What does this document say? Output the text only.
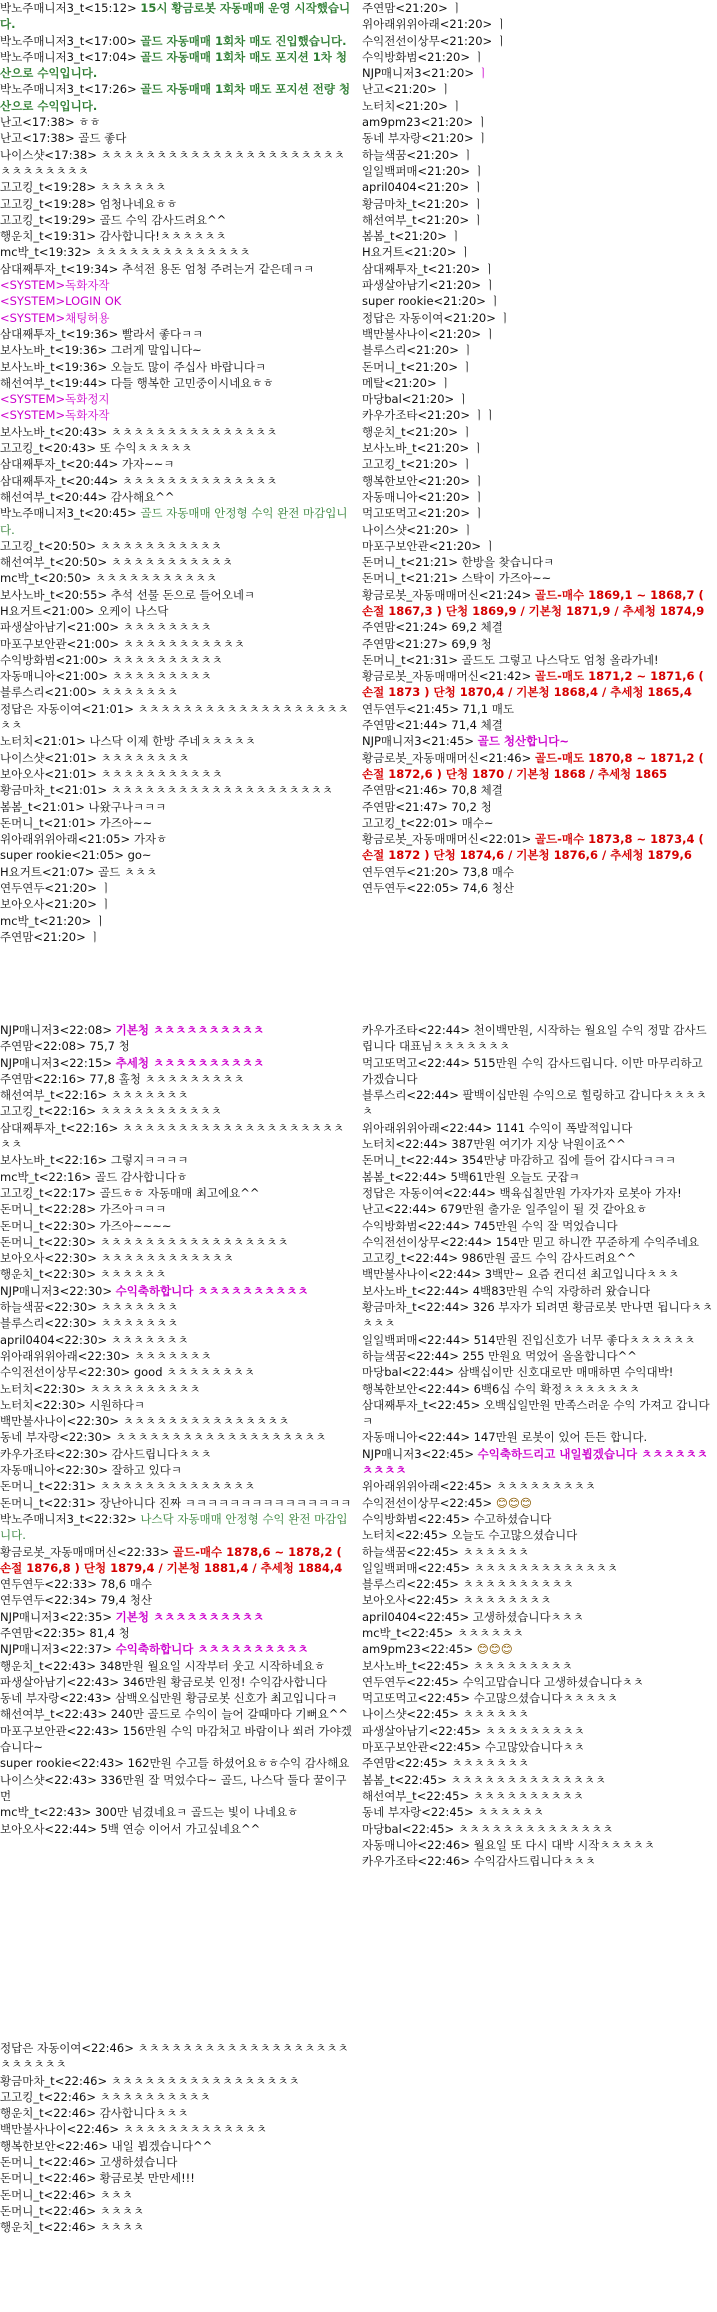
박노주매니저3_t<15:12> 15시 황금로봇 자동매매 운영 시작했습니다.
박노주매니저3_t<17:00> 골드 자동매매 1회차 매도 진입했습니다.
박노주매니저3_t<17:04> 골드 자동매매 1회차 매도 포지션 1차 청산으로 수익입니다.
박노주매니저3_t<17:26> 골드 자동매매 1회차 매도 포지션 전량 청산으로 수익입니다.
난고<17:38> ㅎㅎ
난고<17:38> 골드 좋다
나이스샷<17:38> ㅊㅊㅊㅊㅊㅊㅊㅊㅊㅊㅊㅊㅊㅊㅊㅊㅊㅊㅊㅊㅊㅊㅊㅊㅊㅊㅊㅊㅊㅊ
고고킹_t<19:28> ㅊㅊㅊㅊㅊㅊ
고고킹_t<19:28> 엄청나네요ㅎㅎ
고고킹_t<19:29> 골드 수익 감사드려요^^
행운치_t<19:31> 감사합니다!ㅊㅊㅊㅊㅊㅊ
mc박_t<19:32> ㅊㅊㅊㅊㅊㅊㅊㅊㅊㅊㅊㅊㅊㅊ
삼대째투자_t<19:34> 추석전 용돈 엄청 주려는거 같은데ㅋㅋ
<SYSTEM>독화자작
<SYSTEM>LOGIN OK
<SYSTEM>채팅허용
삼대째투자_t<19:36> 빨라서 좋다ㅋㅋ
보사노바_t<19:36> 그러게 말입니다~
보사노바_t<19:36> 오늘도 많이 주십사 바랍니다ㅋ
해선여부_t<19:44> 다들 행복한 고민중이시네요ㅎㅎ
<SYSTEM>독화정지
<SYSTEM>독화자작
보사노바_t<20:43> ㅊㅊㅊㅊㅊㅊㅊㅊㅊㅊㅊㅊㅊㅊㅊ
고고킹_t<20:43> 또 수익ㅊㅊㅊㅊㅊ
삼대째투자_t<20:44> 가자~~ㅋ
삼대째투자_t<20:44> ㅊㅊㅊㅊㅊㅊㅊㅊㅊㅊㅊㅊㅊㅊ
해선여부_t<20:44> 감사해요^^
박노주매니저3_t<20:45> 골드 자동매매 안정형 수익 완전 마감입니다.
고고킹_t<20:50> ㅊㅊㅊㅊㅊㅊㅊㅊㅊㅊㅊ
해선여부_t<20:50> ㅊㅊㅊㅊㅊㅊㅊㅊㅊㅊㅊ
mc박_t<20:50> ㅊㅊㅊㅊㅊㅊㅊㅊㅊㅊㅊ
보사노바_t<20:55> 추석 선물 돈으로 들어오네ㅋ
H요거트<21:00> 오케이 나스닥
파생살아남기<21:00> ㅊㅊㅊㅊㅊㅊㅊㅊ
마포구보안관<21:00> ㅊㅊㅊㅊㅊㅊㅊㅊㅊㅊㅊ
수익방화범<21:00> ㅊㅊㅊㅊㅊㅊㅊㅊㅊㅊ
자동매니아<21:00> ㅊㅊㅊㅊㅊㅊㅊㅊㅊ
블루스리<21:00> ㅊㅊㅊㅊㅊㅊㅊ
정답은 자동이여<21:01> ㅊㅊㅊㅊㅊㅊㅊㅊㅊㅊㅊㅊㅊㅊㅊㅊㅊㅊㅊㅊㅊ
노터치<21:01> 나스닥 이제 한방 주네ㅊㅊㅊㅊㅊ
나이스샷<21:01> ㅊㅊㅊㅊㅊㅊㅊㅊ
보아오사<21:01> ㅊㅊㅊㅊㅊㅊㅊㅊㅊㅊㅊ
황금마차_t<21:01> ㅊㅊㅊㅊㅊㅊㅊㅊㅊㅊㅊㅊㅊㅊㅊㅊㅊㅊㅊㅊ
봄봄_t<21:01> 나왔구나ㅋㅋㅋ
돈머니_t<21:01> 가즈아~~
위아래위위아래<21:05> 가자ㅎ
super rookie<21:05> go~
H요거트<21:07> 골드 ㅊㅊㅊ
연두연두<21:20> ㅣ
보아오사<21:20> ㅣ
mc박_t<21:20> ㅣ
주연맘<21:20> ㅣ
주연맘<21:20> ㅣ
위아래위위아래<21:20> ㅣ
수익전선이상무<21:20> ㅣ
수익방화범<21:20> ㅣ
NJP매니저3<21:20> ㅣ
난고<21:20> ㅣ
노터치<21:20> ㅣ
am9pm23<21:20> ㅣ
동네 부자랑<21:20> ㅣ
하늘색꿈<21:20> ㅣ
일일백퍼매<21:20> ㅣ
april0404<21:20> ㅣ
황금마차_t<21:20> ㅣ
해선여부_t<21:20> ㅣ
봄봄_t<21:20> ㅣ
H요거트<21:20> ㅣ
삼대째투자_t<21:20> ㅣ
파생살아남기<21:20> ㅣ
super rookie<21:20> ㅣ
정답은 자동이여<21:20> ㅣ
백만불사나이<21:20> ㅣ
블루스리<21:20> ㅣ
돈머니_t<21:20> ㅣ
메탈<21:20> ㅣ
마당bal<21:20> ㅣ
카우가조타<21:20> ㅣㅣ
행운치_t<21:20> ㅣ
보사노바_t<21:20> ㅣ
고고킹_t<21:20> ㅣ
행복한보안<21:20> ㅣ
자동매니아<21:20> ㅣ
먹고또먹고<21:20> ㅣ
나이스샷<21:20> ㅣ
마포구보안관<21:20> ㅣ
돈머니_t<21:21> 한방을 찾습니다ㅋ
돈머니_t<21:21> 스탁이 가즈아~~
황금로봇_자동매매머신<21:24> 골드-매수 1869,1 ~ 1868,7 ( 손절 1867,3 ) 단청 1869,9 / 기본청 1871,9 / 추세청 1874,9
주연맘<21:24> 69,2 체결
주연맘<21:27> 69,9 청
돈머니_t<21:31> 골드도 그렇고 나스닥도 엄청 올라가네!
황금로봇_자동매매머신<21:42> 골드-매도 1871,2 ~ 1871,6 ( 손절 1873 ) 단청 1870,4 / 기본청 1868,4 / 추세청 1865,4
연두연두<21:45> 71,1 매도
주연맘<21:44> 71,4 체결
NJP매니저3<21:45> 골드 청산합니다~
황금로봇_자동매매머신<21:46> 골드-매도 1870,8 ~ 1871,2 ( 손절 1872,6 ) 단청 1870 / 기본청 1868 / 추세청 1865
주연맘<21:46> 70,8 체결
주연맘<21:47> 70,2 청
고고킹_t<22:01> 매수~
황금로봇_자동매매머신<22:01> 골드-매수 1873,8 ~ 1873,4 ( 손절 1872 ) 단청 1874,6 / 기본청 1876,6 / 추세청 1879,6
연두연두<21:20> 73,8 매수
연두연두<22:05> 74,6 청산
NJP매니저3<22:08> 기본청 ㅊㅊㅊㅊㅊㅊㅊㅊㅊㅊ
주연맘<22:08> 75,7 청
NJP매니저3<22:15> 추세청 ㅊㅊㅊㅊㅊㅊㅊㅊㅊㅊ
주연맘<22:16> 77,8 홀청 ㅊㅊㅊㅊㅊㅊㅊㅊㅊ
해선여부_t<22:16> ㅊㅊㅊㅊㅊㅊㅊ
고고킹_t<22:16> ㅊㅊㅊㅊㅊㅊㅊㅊㅊㅊㅊ
삼대째투자_t<22:16> ㅊㅊㅊㅊㅊㅊㅊㅊㅊㅊㅊㅊㅊㅊㅊㅊㅊㅊㅊㅊㅊㅊ
보사노바_t<22:16> 그렇지ㅋㅋㅋㅋ
mc박_t<22:16> 골드 감사합니다ㅎ
고고킹_t<22:17> 골드ㅎㅎ 자동매매 최고에요^^
돈머니_t<22:28> 가즈아ㅋㅋㅋ
돈머니_t<22:30> 가즈아~~~~
돈머니_t<22:30> ㅊㅊㅊㅊㅊㅊㅊㅊㅊㅊㅊㅊㅊㅊㅊㅊㅊ
보아오사<22:30> ㅊㅊㅊㅊㅊㅊㅊㅊㅊㅊㅊㅊ
행운치_t<22:30> ㅊㅊㅊㅊㅊㅊ
NJP매니저3<22:30> 수익축하합니다 ㅊㅊㅊㅊㅊㅊㅊㅊㅊㅊ
하늘색꿈<22:30> ㅊㅊㅊㅊㅊㅊㅊ
블루스리<22:30> ㅊㅊㅊㅊㅊㅊㅊ
april0404<22:30> ㅊㅊㅊㅊㅊㅊㅊ
위아래위위아래<22:30> ㅊㅊㅊㅊㅊㅊㅊ
수익전선이상무<22:30> good ㅊㅊㅊㅊㅊㅊㅊㅊ
노터치<22:30> ㅊㅊㅊㅊㅊㅊㅊㅊㅊㅊ
노터치<22:30> 시원하다ㅋ
백만불사나이<22:30> ㅊㅊㅊㅊㅊㅊㅊㅊㅊㅊㅊㅊㅊㅊㅊ
동네 부자랑<22:30> ㅊㅊㅊㅊㅊㅊㅊㅊㅊㅊㅊㅊㅊㅊㅊㅊㅊㅊㅊ
카우가조타<22:30> 감사드립니다ㅊㅊㅊ
자동매니아<22:30> 잘하고 있다ㅋ
돈머니_t<22:31> ㅊㅊㅊㅊㅊㅊㅊㅊㅊㅊㅊㅊㅊㅊ
돈머니_t<22:31> 장난아니다 진짜 ㅋㅋㅋㅋㅋㅋㅋㅋㅋㅋㅋㅋㅋㅋㅋ
박노주매니저3_t<22:32> 나스닥 자동매매 안정형 수익 완전 마감입니다.
황금로봇_자동매매머신<22:33> 골드-매수 1878,6 ~ 1878,2 ( 손절 1876,8 ) 단청 1879,4 / 기본청 1881,4 / 추세청 1884,4
연두연두<22:33> 78,6 매수
연두연두<22:34> 79,4 청산
NJP매니저3<22:35> 기본청 ㅊㅊㅊㅊㅊㅊㅊㅊㅊㅊ
주연맘<22:35> 81,4 청
NJP매니저3<22:37> 수익축하합니다 ㅊㅊㅊㅊㅊㅊㅊㅊㅊㅊ
행운치_t<22:43> 348만원 월요일 시작부터 웃고 시작하네요ㅎ
파생살아남기<22:43> 346만원 황금로봇 인정! 수익감사합니다
동네 부자랑<22:43> 삼백오십만원 황금로봇 신호가 최고입니다ㅋ
해선여부_t<22:43> 240만 골드로 수익이 늘어 갈때마다 기뻐요^^
마포구보안관<22:43> 156만원 수익 마감처고 바람이나 쐬러 가야겠습니다~
super rookie<22:43> 162만원 수고들 하셨어요ㅎㅎ수익 감사해요
나이스샷<22:43> 336만원 잘 먹었수다~ 골드, 나스닥 둘다 꿀이구먼
mc박_t<22:43> 300만 넘겼네요ㅋ 골드는 빛이 나네요ㅎ
보아오사<22:44> 5백 연승 이어서 가고싶네요^^
카우가조타<22:44> 천이백만원, 시작하는 월요일 수익 정말 감사드립니다 대표님ㅊㅊㅊㅊㅊㅊㅊ
먹고또먹고<22:44> 515만원 수익 감사드립니다. 이만 마무리하고 가겠습니다
블루스리<22:44> 팔백이십만원 수익으로 힐링하고 갑니다ㅊㅊㅊㅊㅊ
위아래위위아래<22:44> 1141 수익이 폭발적입니다
노터치<22:44> 387만원 여기가 지상 낙원이죠^^
돈머니_t<22:44> 354만냥 마감하고 집에 들어 갑시다ㅋㅋㅋ
봄봄_t<22:44> 5백61만원 오늘도 굿잡ㅋ
정답은 자동이여<22:44> 백육십칠만원 가자가자 로봇아 가자!
난고<22:44> 679만원 출가운 일주일이 될 것 같아요ㅎ
수익방화범<22:44> 745만원 수익 잘 먹었습니다
수익전선이상무<22:44> 154만 믿고 하니깐 꾸준하게 수익주네요
고고킹_t<22:44> 986만원 골드 수익 감사드려요^^
백만불사나이<22:44> 3백만~ 요즘 컨디션 최고입니다ㅊㅊㅊ
보사노바_t<22:44> 4백83만원 수익 자랑하러 왔습니다
황금마차_t<22:44> 326 부자가 되려면 황금로봇 만나면 됩니다ㅊㅊㅊㅊㅊ
일일백퍼매<22:44> 514만원 진입신호가 너무 좋다ㅊㅊㅊㅊㅊㅊ
하늘색꿈<22:44> 255 만원요 먹었어 올올합니다^^
마당bal<22:44> 삼백십이만 신호대로만 매매하면 수익대박!
행복한보안<22:44> 6백6십 수익 확정ㅊㅊㅊㅊㅊㅊㅊ
삼대째투자_t<22:45> 오백십일만원 만족스러운 수익 가져고 갑니다ㅋ
자동매니아<22:44> 147만원 로봇이 있어 든든 합니다.
NJP매니저3<22:45> 수익축하드리고 내일뵙겠습니다 ㅊㅊㅊㅊㅊㅊㅊㅊㅊㅊ
위아래위위아래<22:45> ㅊㅊㅊㅊㅊㅊㅊㅊㅊ
수익전선이상무<22:45> 😊😊😊
수익방화범<22:45> 수고하셨습니다
노터치<22:45> 오늘도 수고많으셨습니다
하늘색꿈<22:45> ㅊㅊㅊㅊㅊㅊ
일일백퍼매<22:45> ㅊㅊㅊㅊㅊㅊㅊㅊㅊㅊㅊㅊㅊ
블루스리<22:45> ㅊㅊㅊㅊㅊㅊㅊㅊㅊㅊ
보아오사<22:45> ㅊㅊㅊㅊㅊㅊㅊㅊ
april0404<22:45> 고생하셨습니다ㅊㅊㅊ
mc박_t<22:45> ㅊㅊㅊㅊㅊㅊ
am9pm23<22:45> 😊😊😊
보사노바_t<22:45> ㅊㅊㅊㅊㅊㅊㅊㅊㅊ
연두연두<22:45> 수익고맙습니다 고생하셨습니다ㅊㅊ
먹고또먹고<22:45> 수고많으셨습니다ㅊㅊㅊㅊㅊ
나이스샷<22:45> ㅊㅊㅊㅊㅊㅊ
파생살아남기<22:45> ㅊㅊㅊㅊㅊㅊㅊㅊㅊ
마포구보안관<22:45> 수고많았습니다ㅊㅊ
주연맘<22:45> ㅊㅊㅊㅊㅊㅊㅊ
봄봄_t<22:45> ㅊㅊㅊㅊㅊㅊㅊㅊㅊㅊㅊㅊㅊㅊ
해선여부_t<22:45> ㅊㅊㅊㅊㅊㅊㅊㅊㅊㅊ
동네 부자랑<22:45> ㅊㅊㅊㅊㅊㅊ
마당bal<22:45> ㅊㅊㅊㅊㅊㅊㅊㅊㅊㅊㅊㅊㅊㅊ
자동매니아<22:46> 월요일 또 다시 대박 시작ㅊㅊㅊㅊㅊ
카우가조타<22:46> 수익감사드립니다ㅊㅊㅊ
정답은 자동이여<22:46> ㅊㅊㅊㅊㅊㅊㅊㅊㅊㅊㅊㅊㅊㅊㅊㅊㅊㅊㅊㅊㅊㅊㅊㅊㅊ
황금마차_t<22:46> ㅊㅊㅊㅊㅊㅊㅊㅊㅊㅊㅊㅊㅊㅊㅊㅊㅊ
고고킹_t<22:46> ㅊㅊㅊㅊㅊㅊㅊㅊㅊㅊ
행운치_t<22:46> 감사합니다ㅊㅊㅊ
백만불사나이<22:46> ㅊㅊㅊㅊㅊㅊㅊㅊㅊㅊㅊㅊㅊ
행복한보안<22:46> 내일 뵙겠습니다^^
돈머니_t<22:46> 고생하셨습니다
돈머니_t<22:46> 황금로봇 만만세!!!
돈머니_t<22:46> ㅊㅊㅊ
돈머니_t<22:46> ㅊㅊㅊㅊ
행운치_t<22:46> ㅊㅊㅊㅊ
